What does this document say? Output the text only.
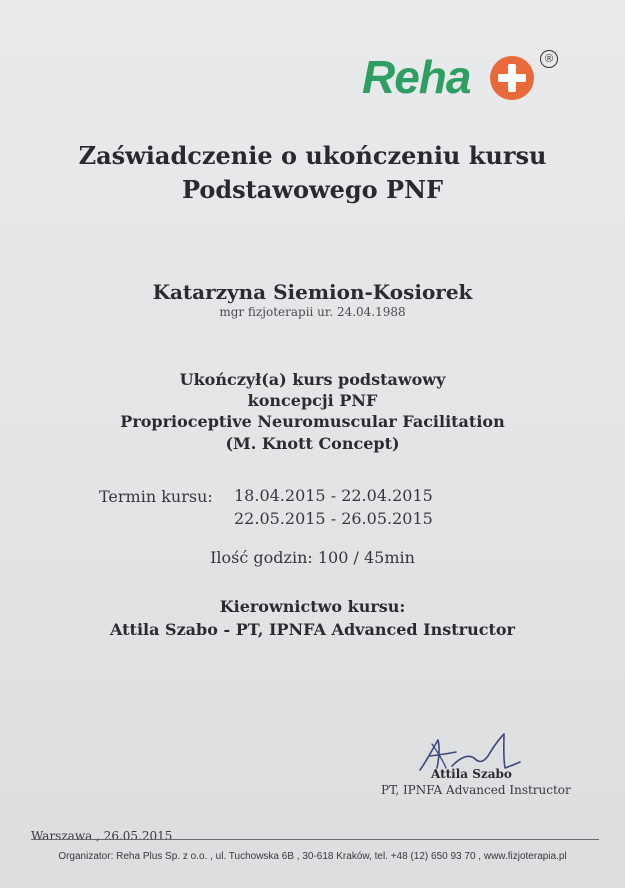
Reha	®
Zaświadczenie o ukończeniu kursu
Podstawowego PNF
Katarzyna Siemion-Kosiorek
mgr fizjoterapii ur. 24.04.1988
Ukończył(a) kurs podstawowy
koncepcji PNF
Proprioceptive Neuromuscular Facilitation
(M. Knott Concept)
Termin kursu: 18.04.2015 - 22.04.2015
22.05.2015 - 26.05.2015
Ilość godzin: 100 / 45min
Kierownictwo kursu:
Attila Szabo - PT, IPNFA Advanced Instructor
Attila Szabo
PT, IPNFA Advanced Instructor
Warszawa , 26.05.2015
Organizator: Reha Plus Sp. z o.o. , ul. Tuchowska 6B , 30-618 Kraków, tel. +48 (12) 650 93 70 , www.fizjoterapia.pl
